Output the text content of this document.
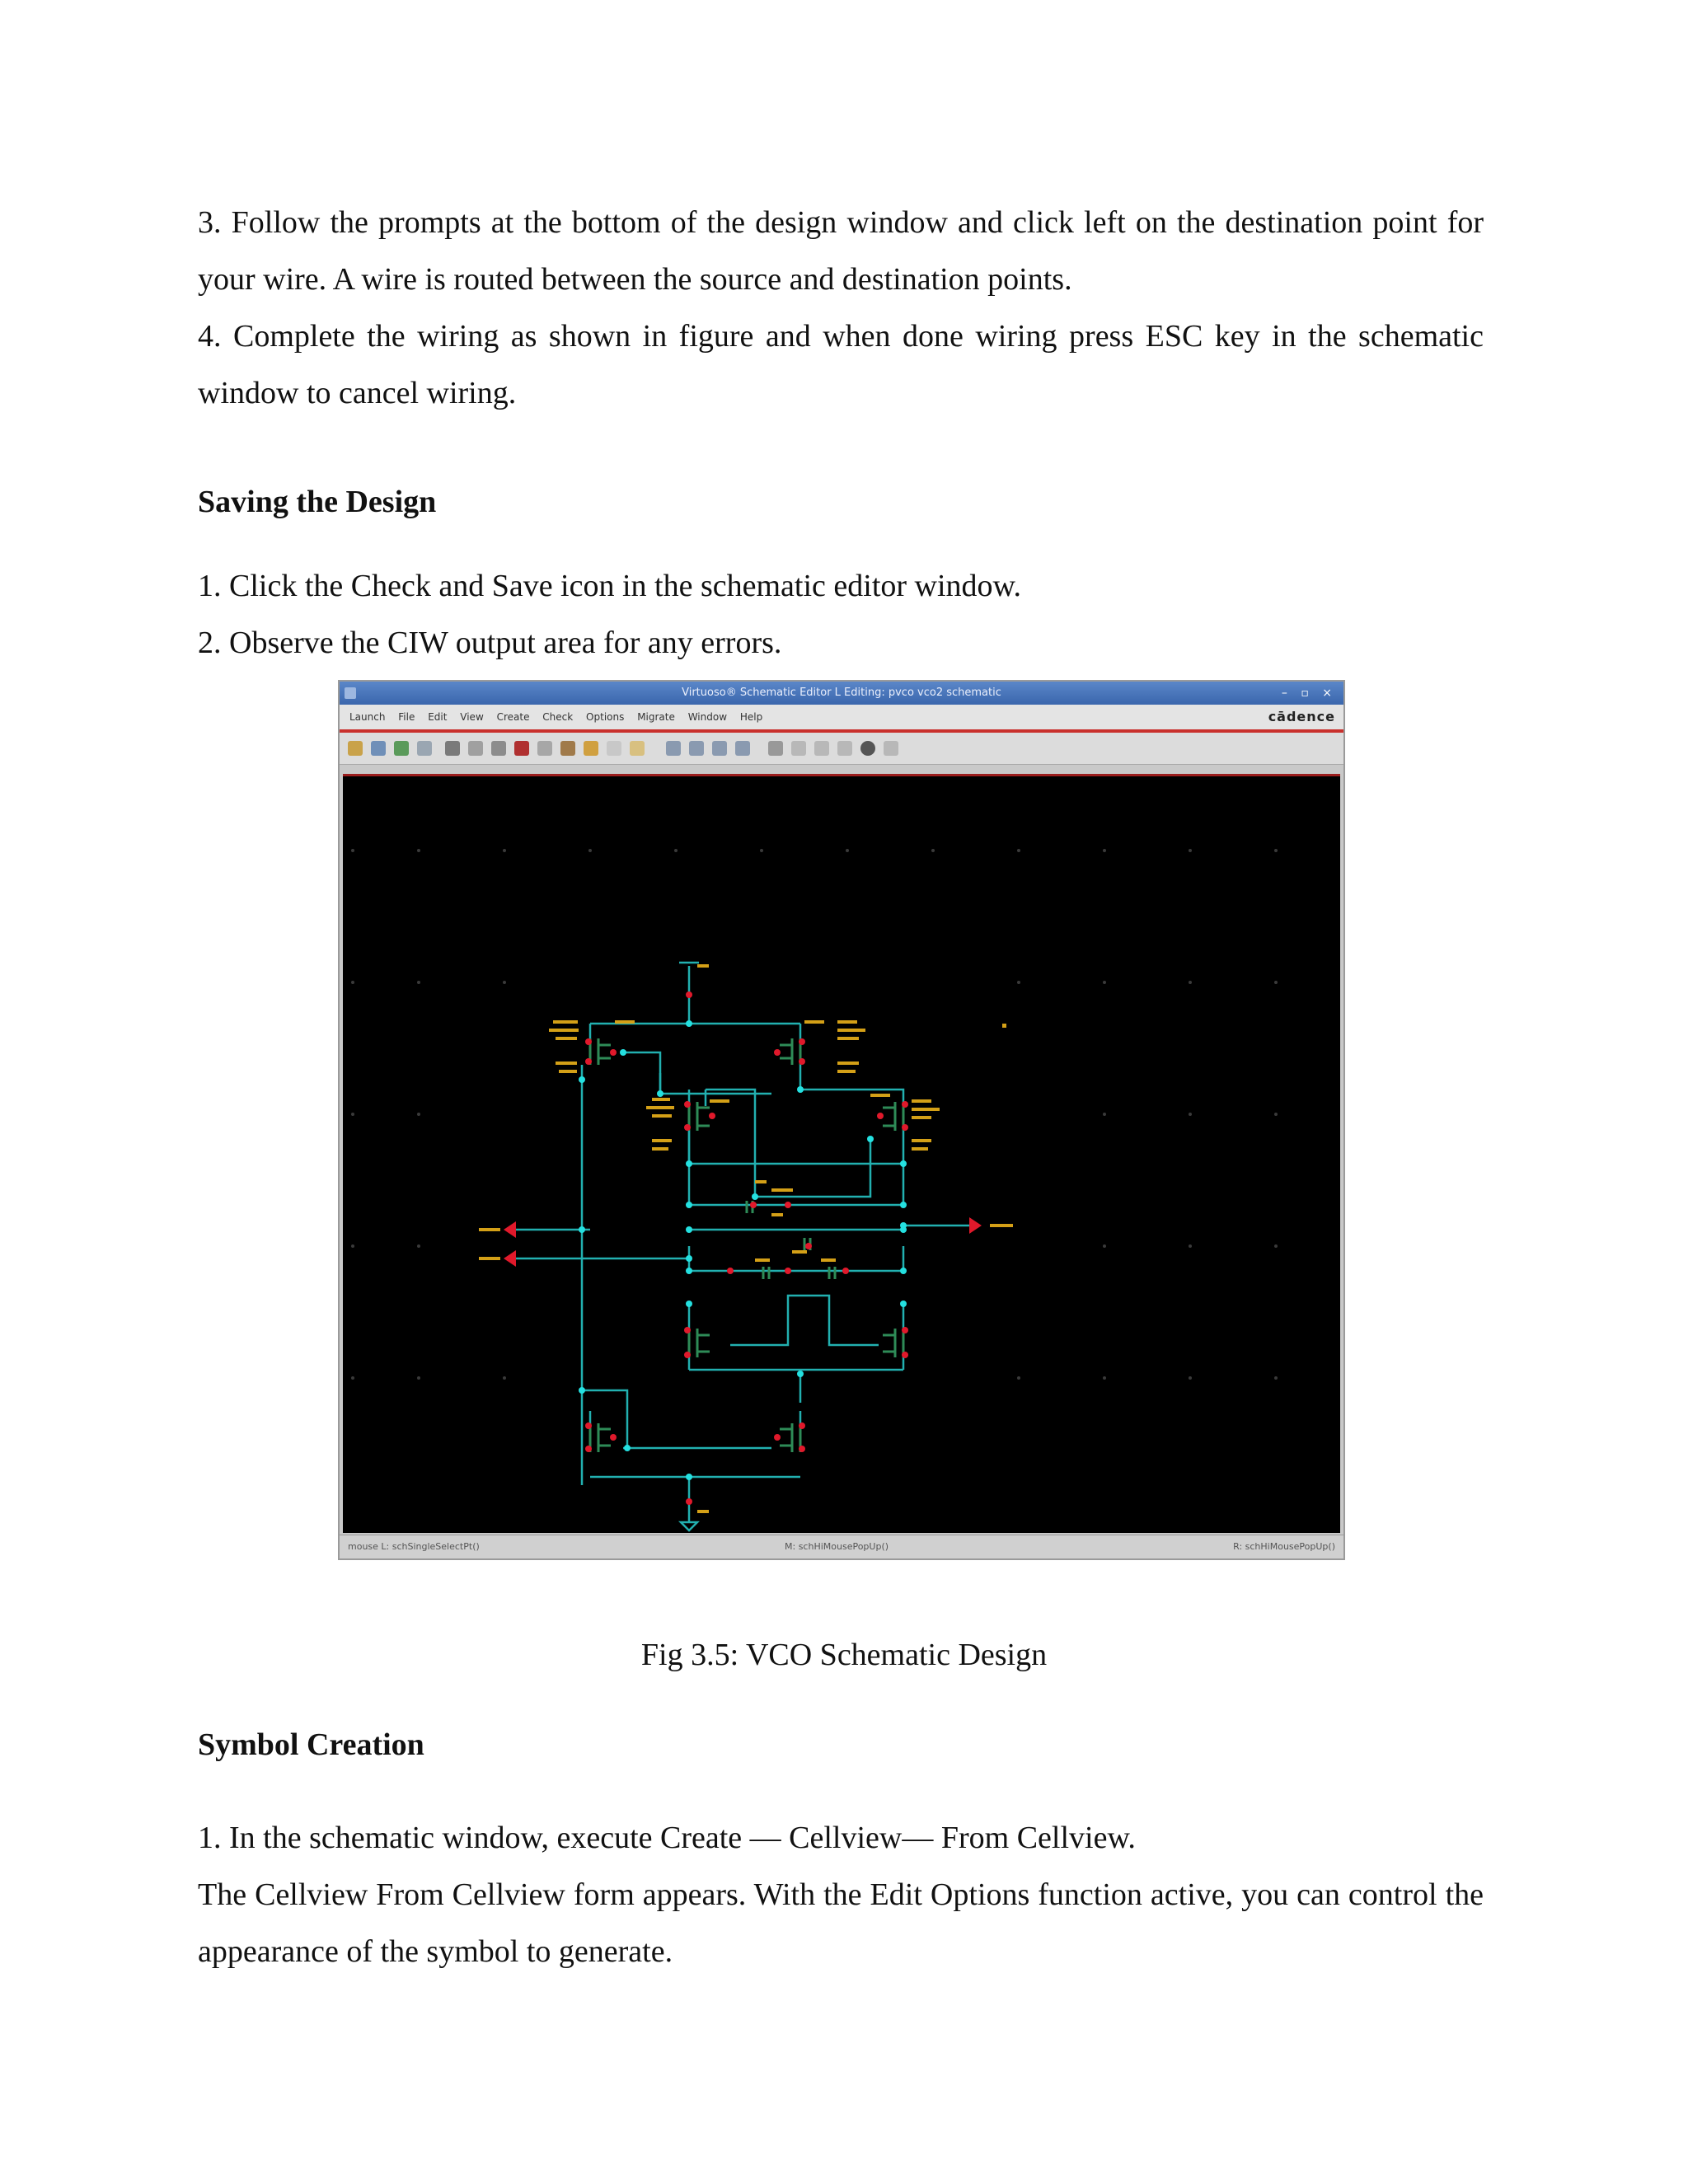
3. Follow the prompts at the bottom of the design window and click left on the destination point for your wire. A wire is routed between the source and destination points.

4. Complete the wiring as shown in figure and when done wiring press ESC key in the schematic window to cancel wiring.

Saving the Design

1. Click the Check and Save icon in the schematic editor window.

2. Observe the CIW output area for any errors.

Virtuoso® Schematic Editor L Editing: pvco vco2 schematic	– ▫ ×
Launch File Edit View Create Check Options Migrate Window Help	cādence
mouse L: schSingleSelectPt()	M: schHiMousePopUp()	R: schHiMousePopUp()

Fig 3.5: VCO Schematic Design

Symbol Creation

1. In the schematic window, execute Create — Cellview— From Cellview.

The Cellview From Cellview form appears. With the Edit Options function active, you can control the appearance of the symbol to generate.
